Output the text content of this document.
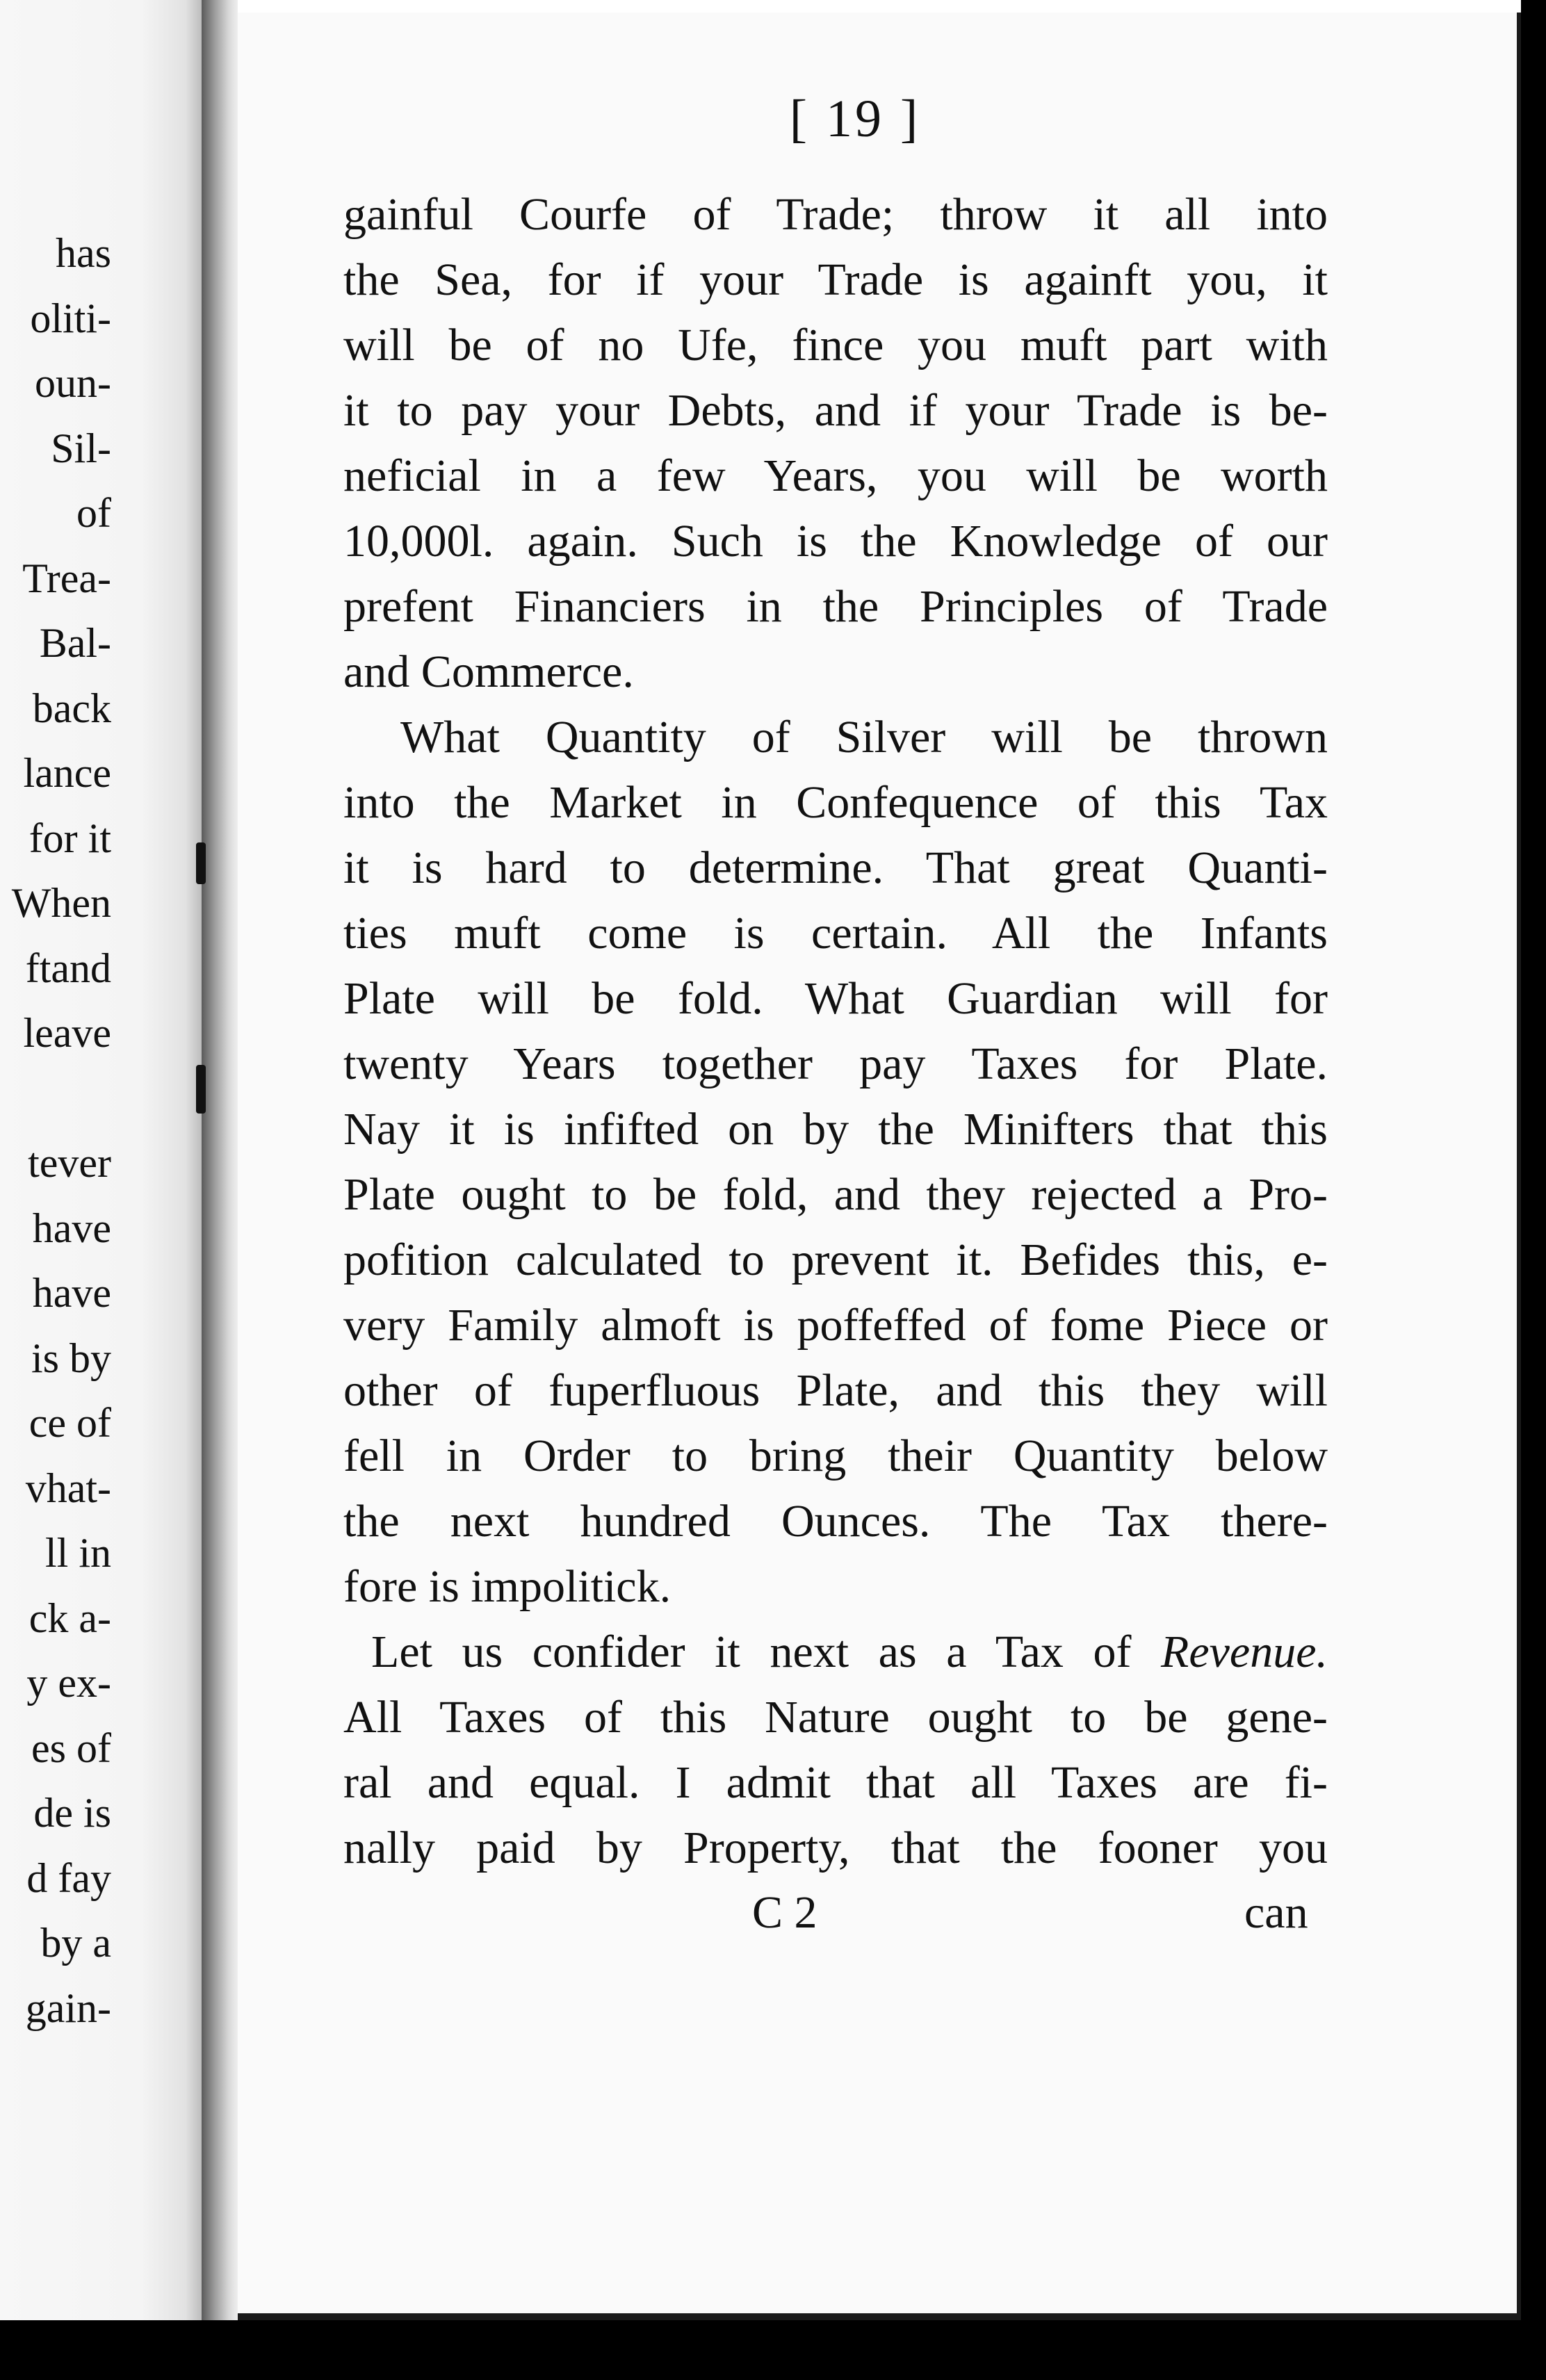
has
oliti-
oun-
Sil-
of
Trea-
Bal-
back
lance
for it
When
ftand
leave
tever
have
have
is by
ce of
vhat-
ll in
ck a-
y ex-
es of
de is
d fay
by a
gain-
[ 19 ]
gainful Courfe of Trade; throw it all into
the Sea, for if your Trade is againft you, it
will be of no Ufe, fince you muft part with
it to pay your Debts, and if your Trade is be-
neficial in a few Years, you will be worth
10,000l. again. Such is the Knowledge of our
prefent Financiers in the Principles of Trade
and Commerce.
What Quantity of Silver will be thrown
into the Market in Confequence of this Tax
it is hard to determine. That great Quanti-
ties muft come is certain. All the Infants
Plate will be fold. What Guardian will for
twenty Years together pay Taxes for Plate.
Nay it is infifted on by the Minifters that this
Plate ought to be fold, and they rejected a Pro-
pofition calculated to prevent it. Befides this, e-
very Family almoft is poffeffed of fome Piece or
other of fuperfluous Plate, and this they will
fell in Order to bring their Quantity below
the next hundred Ounces. The Tax there-
fore is impolitick.
Let us confider it next as a Tax of Revenue.
All Taxes of this Nature ought to be gene-
ral and equal. I admit that all Taxes are fi-
nally paid by Property, that the fooner you
C 2	can
